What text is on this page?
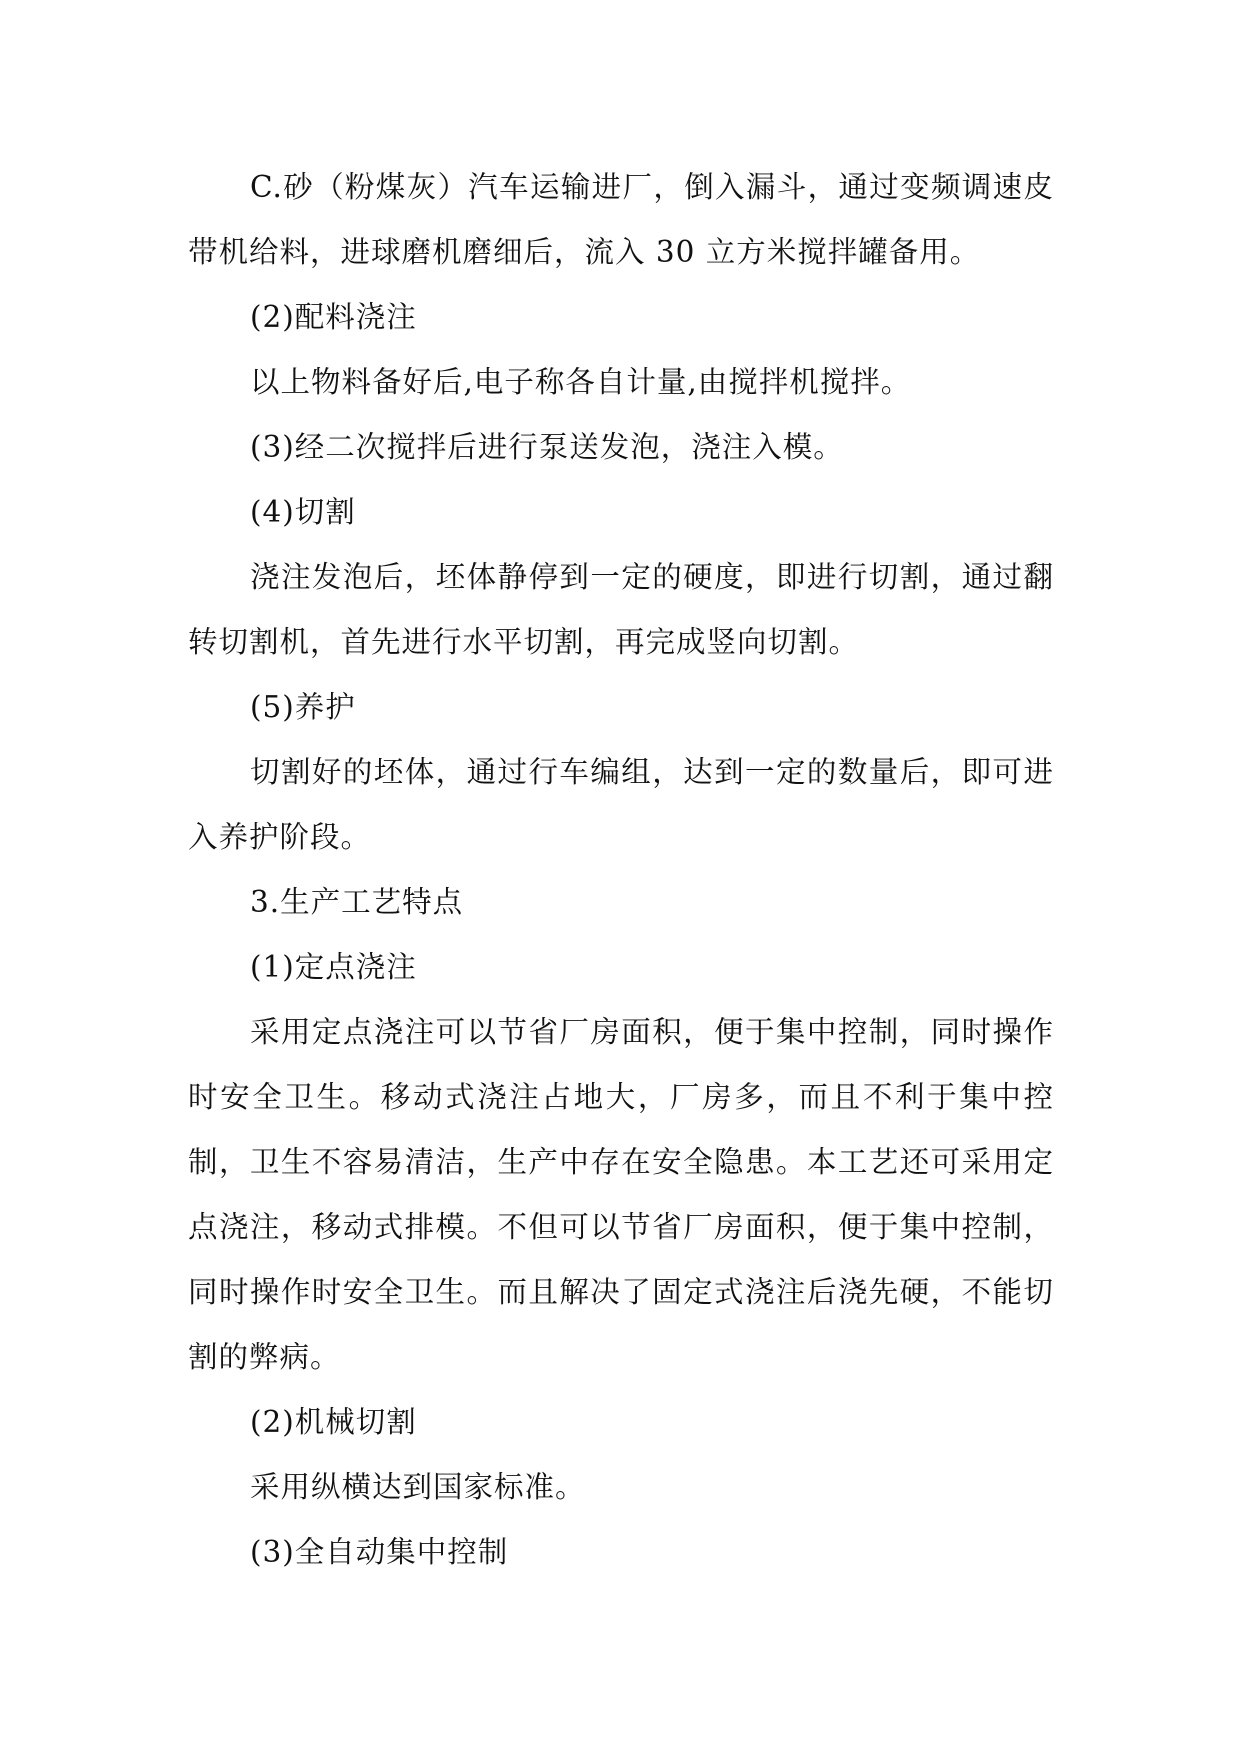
C.砂（粉煤灰）汽车运输进厂，倒入漏斗，通过变频调速皮带机给料，进球磨机磨细后，流入 30 立方米搅拌罐备用。

(2)配料浇注

以上物料备好后,电子称各自计量,由搅拌机搅拌。

(3)经二次搅拌后进行泵送发泡，浇注入模。

(4)切割

浇注发泡后，坯体静停到一定的硬度，即进行切割，通过翻转切割机，首先进行水平切割，再完成竖向切割。

(5)养护

切割好的坯体，通过行车编组，达到一定的数量后，即可进入养护阶段。

3.生产工艺特点

(1)定点浇注

采用定点浇注可以节省厂房面积，便于集中控制，同时操作时安全卫生。移动式浇注占地大，厂房多，而且不利于集中控制，卫生不容易清洁，生产中存在安全隐患。本工艺还可采用定点浇注，移动式排模。不但可以节省厂房面积，便于集中控制，同时操作时安全卫生。而且解决了固定式浇注后浇先硬，不能切割的弊病。

(2)机械切割

采用纵横达到国家标准。

(3)全自动集中控制
